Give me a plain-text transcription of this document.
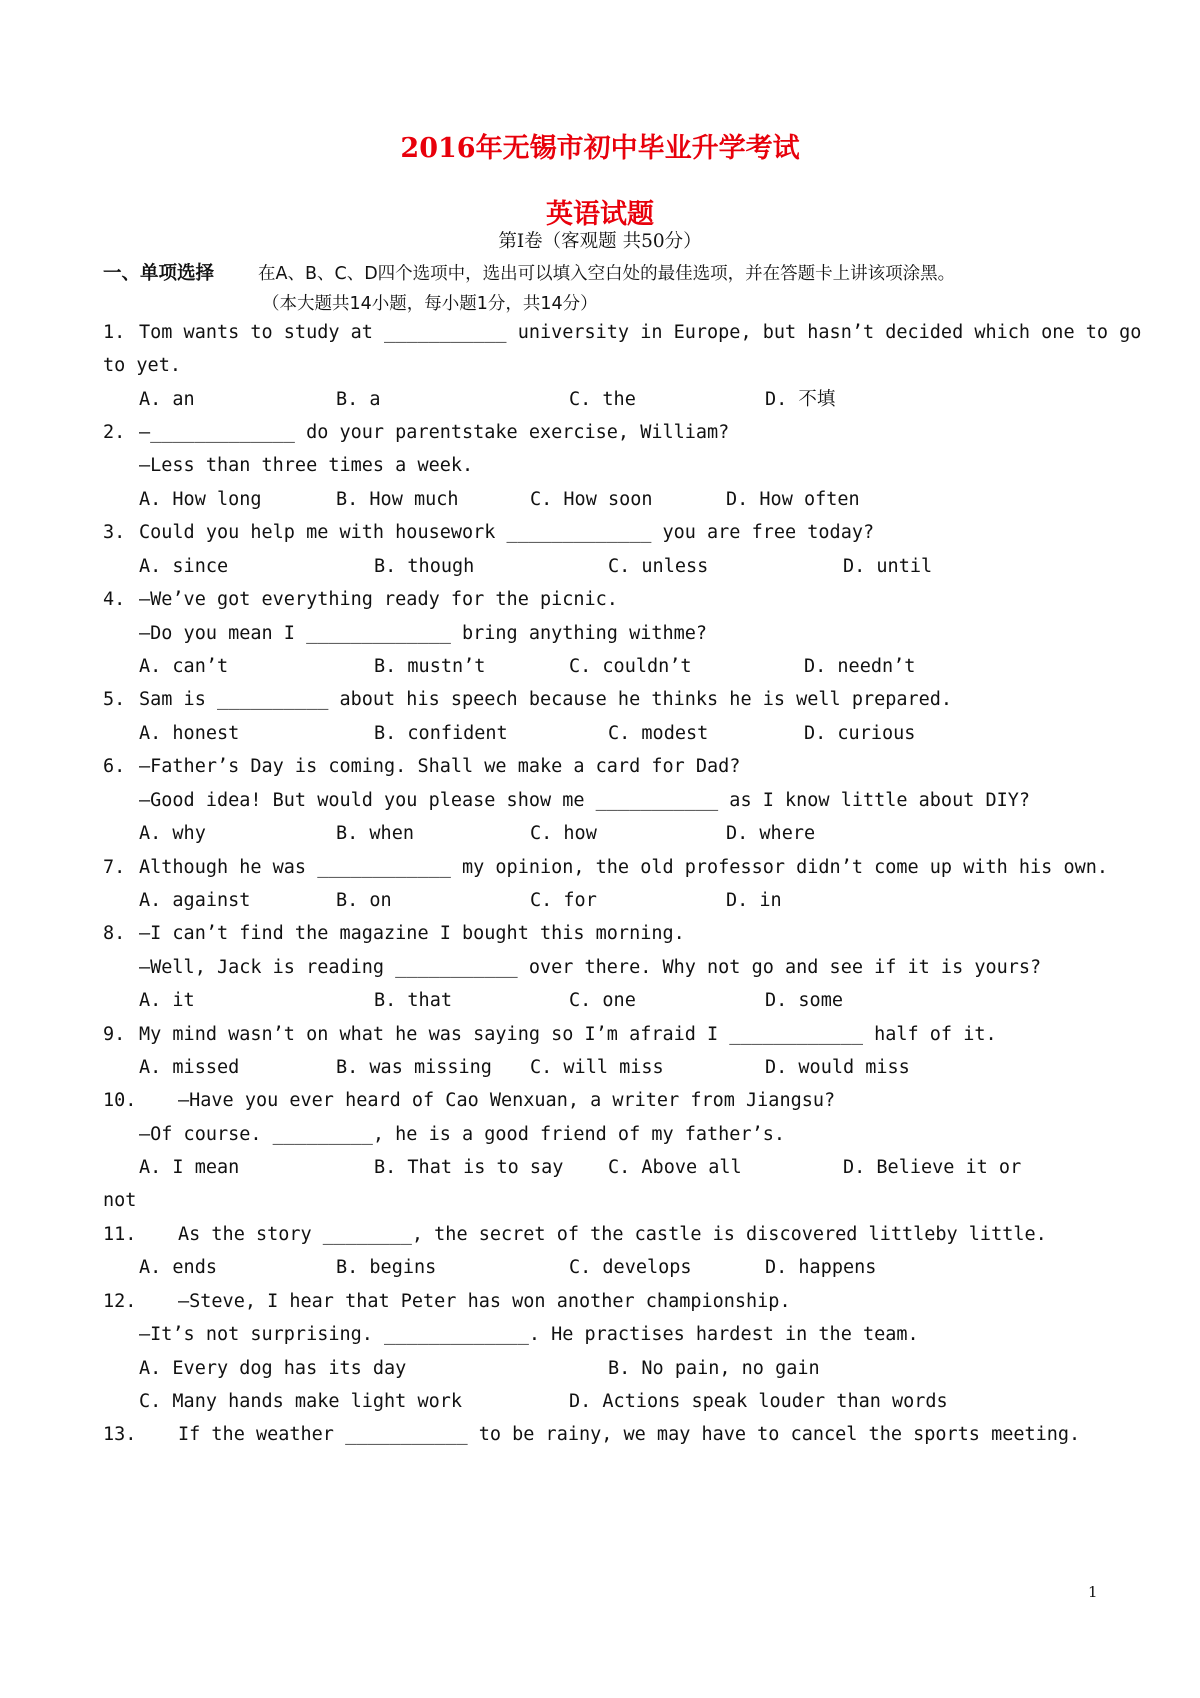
2016年无锡市初中毕业升学考试
英语试题
第Ⅰ卷（客观题 共50分）
一、单项选择	在A、B、C、D四个选项中，选出可以填入空白处的最佳选项，并在答题卡上讲该项涂黑。
（本大题共14小题，每小题1分，共14分）
1. Tom wants to study at ___________ university in Europe, but hasn’t decided which one to go
to yet.
A. an	B. a	C. the	D. 不填
2. —_____________ do your parentstake exercise, William?
—Less than three times a week.
A. How long	B. How much	C. How soon	D. How often
3. Could you help me with housework _____________ you are free today?
A. since	B. though	C. unless	D. until
4. —We’ve got everything ready for the picnic.
—Do you mean I _____________ bring anything withme?
A. can’t	B. mustn’t	C. couldn’t	D. needn’t
5. Sam is __________ about his speech because he thinks he is well prepared.
A. honest	B. confident	C. modest	D. curious
6. —Father’s Day is coming. Shall we make a card for Dad?
—Good idea! But would you please show me ___________ as I know little about DIY?
A. why	B. when	C. how	D. where
7. Although he was ____________ my opinion, the old professor didn’t come up with his own.
A. against	B. on	C. for	D. in
8. —I can’t find the magazine I bought this morning.
—Well, Jack is reading ___________ over there. Why not go and see if it is yours?
A. it	B. that	C. one	D. some
9. My mind wasn’t on what he was saying so I’m afraid I ____________ half of it.
A. missed	B. was missing C. will miss	D. would miss
10. —Have you ever heard of Cao Wenxuan, a writer from Jiangsu?
—Of course. _________, he is a good friend of my father’s.
A. I mean	B. That is to say C. Above all	D. Believe it or
not
11. As the story ________, the secret of the castle is discovered littleby little.
A. ends	B. begins	C. develops	D. happens
12. —Steve, I hear that Peter has won another championship.
—It’s not surprising. _____________. He practises hardest in the team.
A. Every dog has its day	B. No pain, no gain
C. Many hands make light work	D. Actions speak louder than words
13. If the weather ___________ to be rainy, we may have to cancel the sports meeting.
1
